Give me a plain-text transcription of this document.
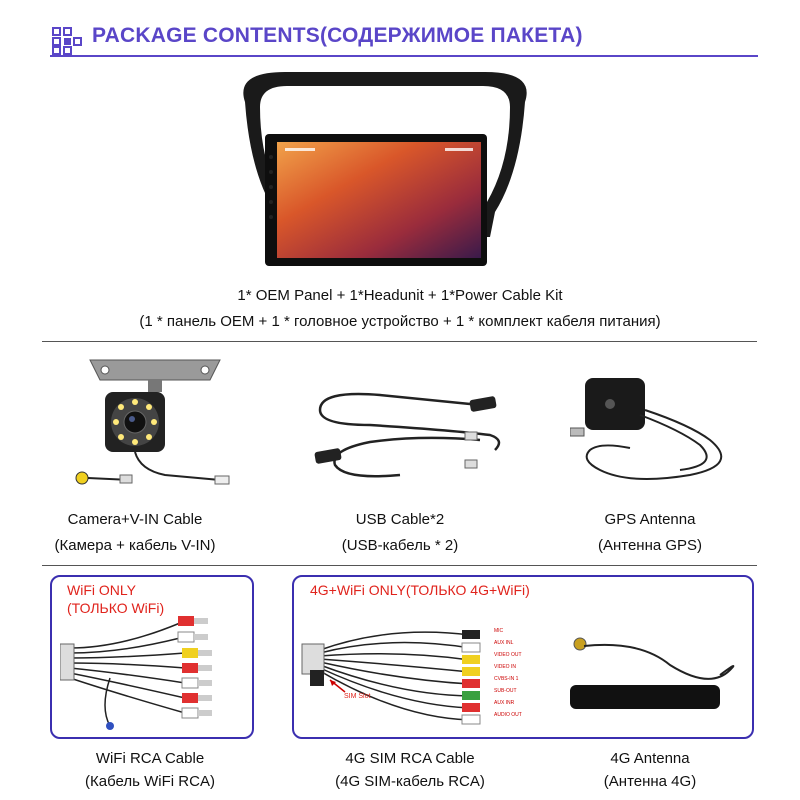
PACKAGE CONTENTS(СОДЕРЖИМОЕ ПАКЕТА)
1* OEM Panel + 1*Headunit + 1*Power Cable Kit
(1 * панель OEM + 1 * головное устройство + 1 * комплект кабеля питания)
Camera+V-IN Cable
(Камера + кабель V-IN)
USB Cable*2
(USB-кабель * 2)
GPS Antenna
(Антенна GPS)
WiFi ONLY
(ТОЛЬКО WiFi)
4G+WiFi ONLY(ТОЛЬКО 4G+WiFi)
SIM Slot
MIC
AUX INL
VIDEO OUT
VIDEO IN
CVBS-IN 1
SUB-OUT
AUX INR
AUDIO OUT
WiFi RCA Cable
(Кабель WiFi RCA)
4G SIM RCA Cable
(4G SIM-кабель RCA)
4G Antenna
(Антенна 4G)
